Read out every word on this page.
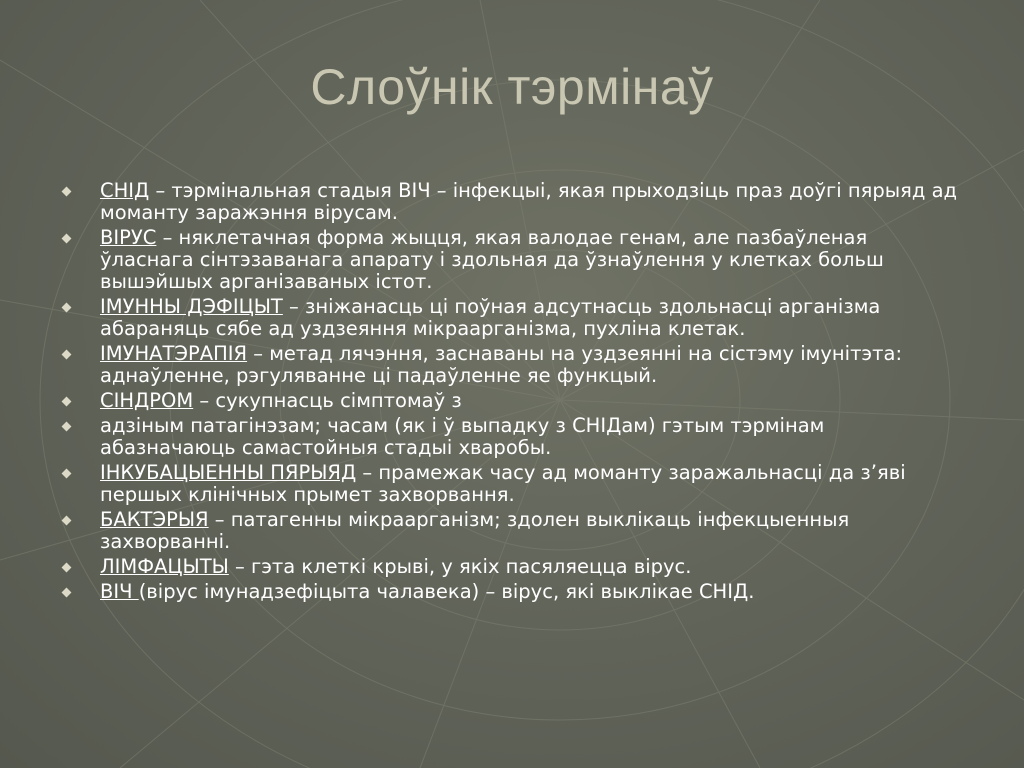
Слоўнік тэрмінаў
СНІД – тэрмінальная стадыя ВІЧ – інфекцыі, якая прыходзіць праз доўгі пярыяд ад моманту заражэння вірусам.
ВІРУС – няклетачная форма жыцця, якая валодае генам, але пазбаўленая ўласнага сінтэзаванага апарату і здольная да ўзнаўлення у клетках больш вышэйшых арганізаваных істот.
ІМУННЫ ДЭФІЦЫТ – зніжанасць ці поўная адсутнасць здольнасці арганізма абараняць сябе ад уздзеяння мікраарганізма, пухліна клетак.
ІМУНАТЭРАПІЯ – метад лячэння, заснаваны на уздзеянні на сістэму імунітэта: аднаўленне, рэгуляванне ці падаўленне яе функцый.
СІНДРОМ – сукупнасць сімптомаў з
адзіным патагінэзам; часам (як і ў выпадку з СНІДам) гэтым тэрмінам абазначаюць самастойныя стадыі хваробы.
ІНКУБАЦЫЕННЫ ПЯРЫЯД – прамежак часу ад моманту заражальнасці да з’яві першых клінічных прымет захворвання.
БАКТЭРЫЯ – патагенны мікраарганізм; здолен выклікаць інфекцыенныя захворванні.
ЛІМФАЦЫТЫ – гэта клеткі крыві, у якіх пасяляецца вірус.
ВІЧ (вірус імунадзефіцыта чалавека) – вірус, які выклікае СНІД.
